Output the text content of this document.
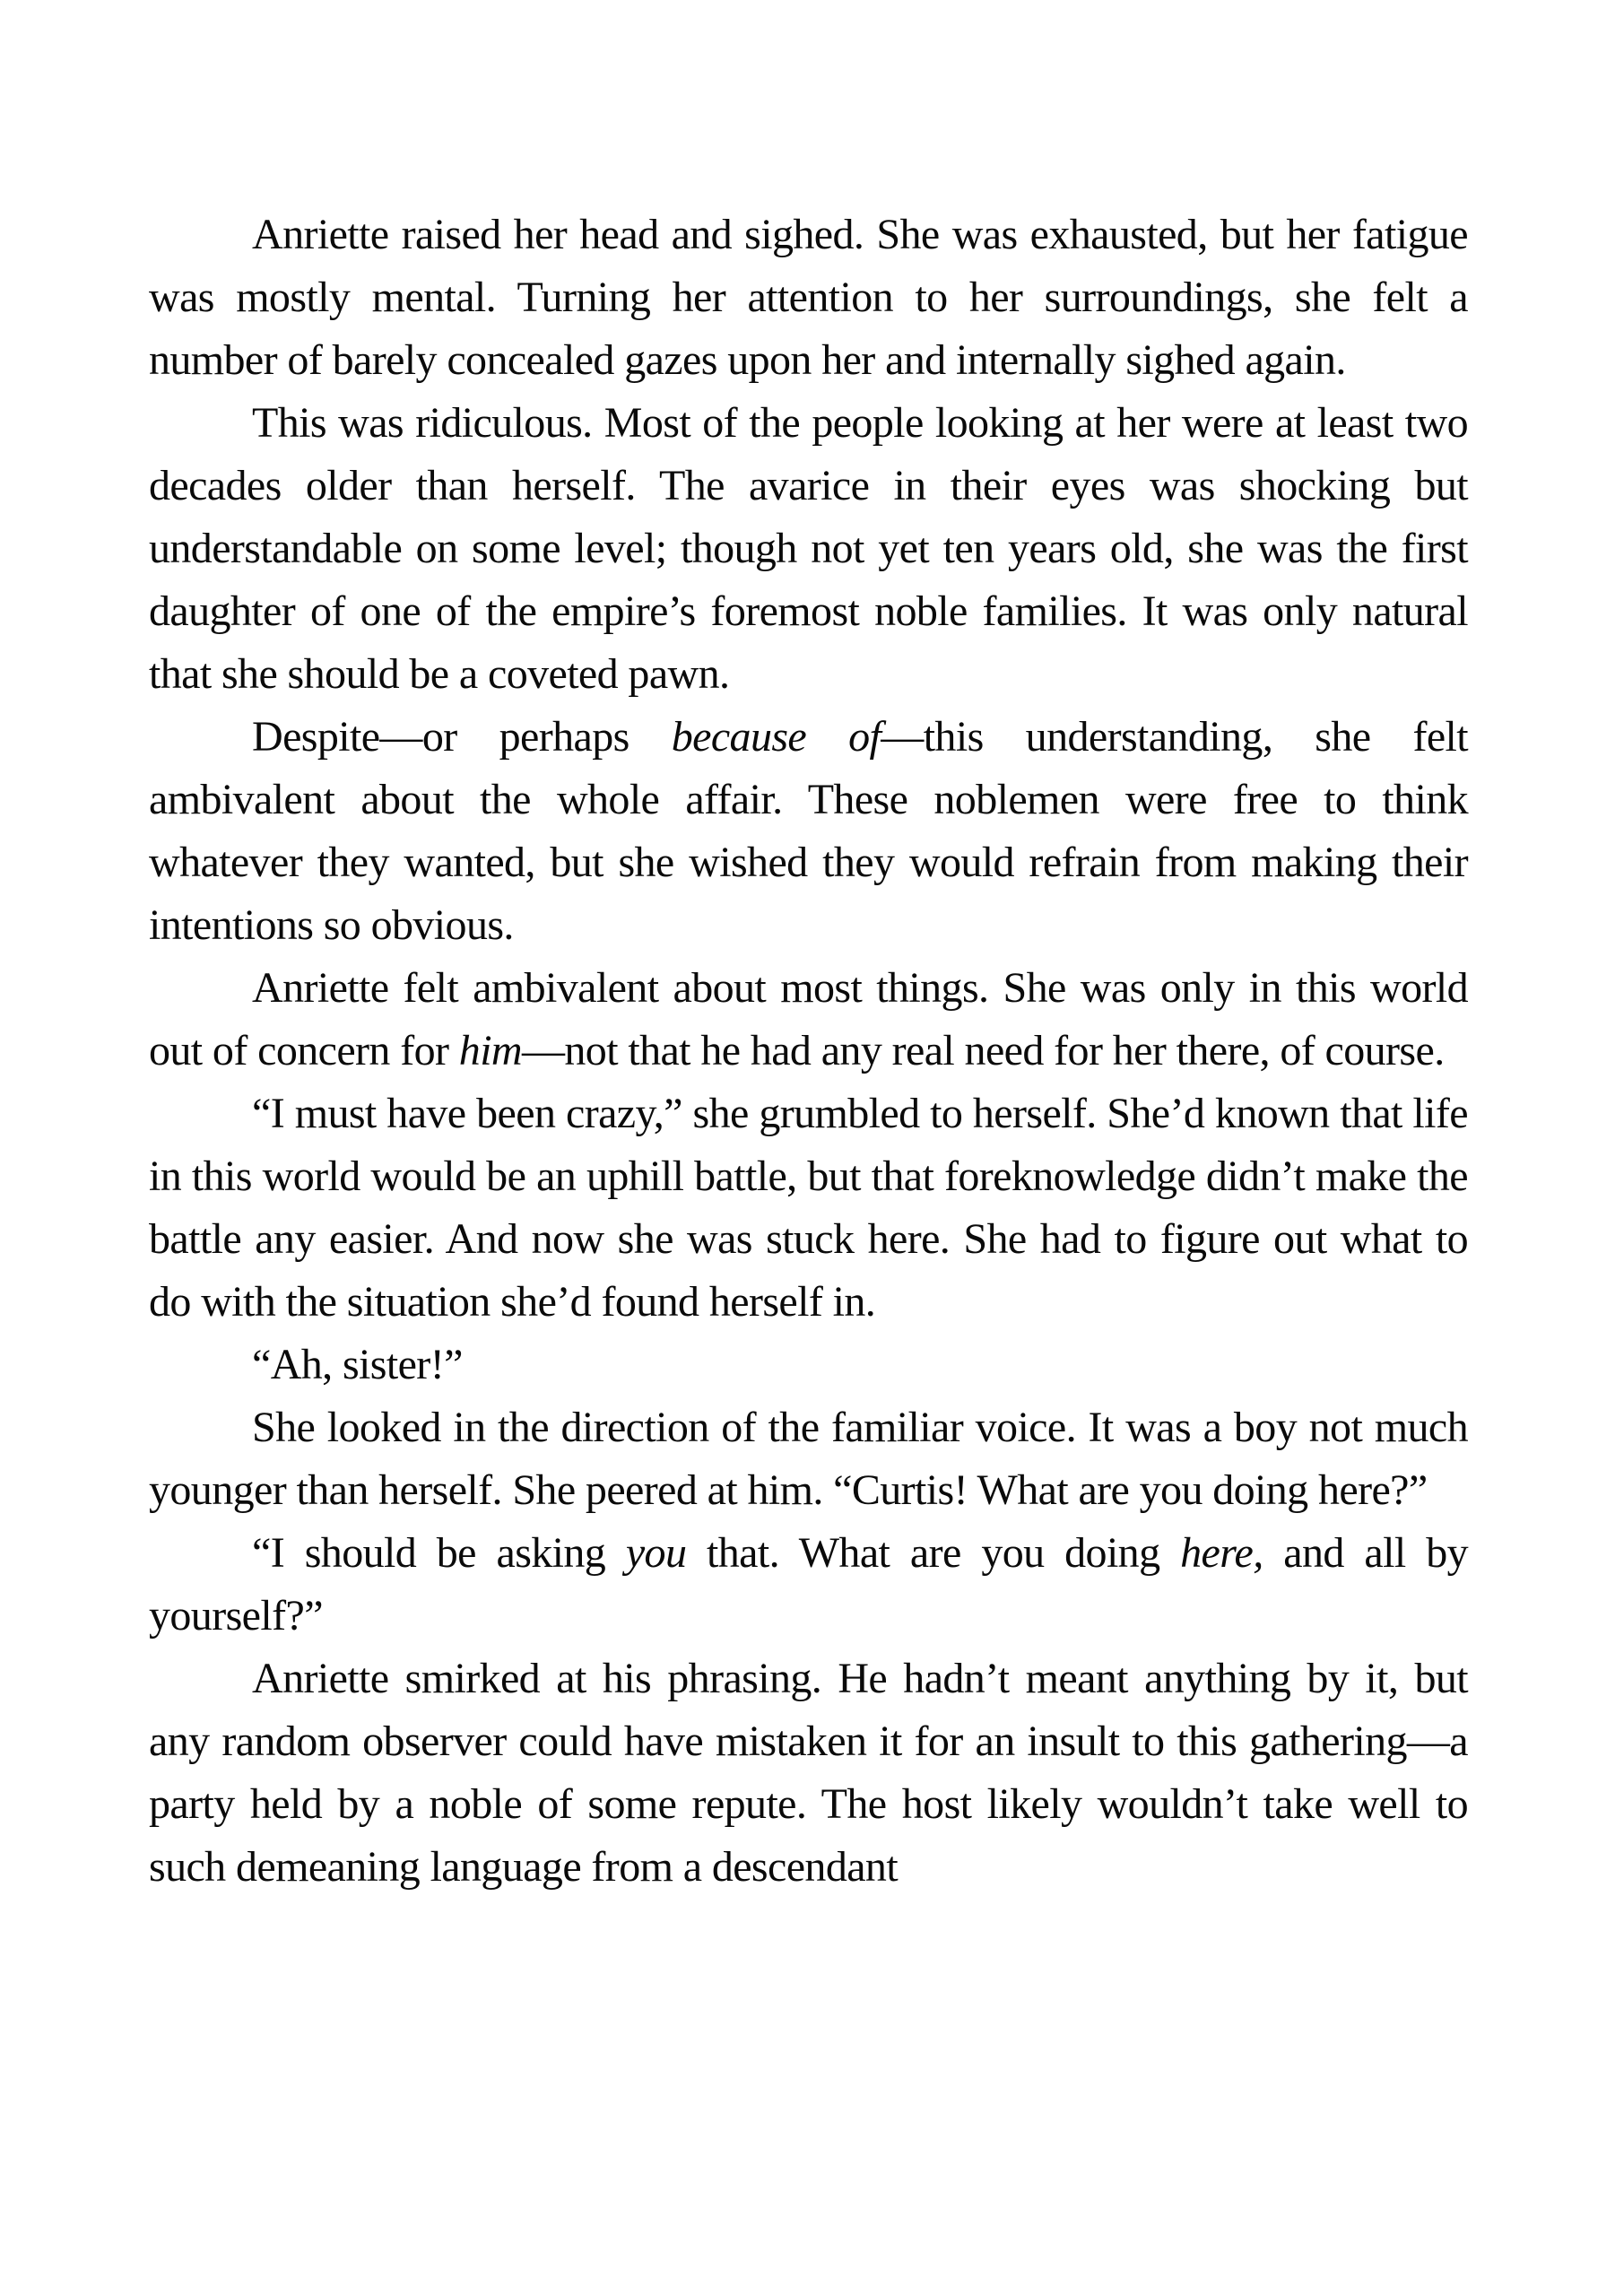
Anriette raised her head and sighed. She was exhausted, but her fatigue was mostly mental. Turning her attention to her surroundings, she felt a number of barely concealed gazes upon her and internally sighed again.

This was ridiculous. Most of the people looking at her were at least two decades older than herself. The avarice in their eyes was shocking but understandable on some level; though not yet ten years old, she was the first daughter of one of the empire’s foremost noble families. It was only natural that she should be a coveted pawn.

Despite—or perhaps because of—this understanding, she felt ambivalent about the whole affair. These noblemen were free to think whatever they wanted, but she wished they would refrain from making their intentions so obvious.

Anriette felt ambivalent about most things. She was only in this world out of concern for him—not that he had any real need for her there, of course.

“I must have been crazy,” she grumbled to herself. She’d known that life in this world would be an uphill battle, but that foreknowledge didn’t make the battle any easier. And now she was stuck here. She had to figure out what to do with the situation she’d found herself in.

“Ah, sister!”

She looked in the direction of the familiar voice. It was a boy not much younger than herself. She peered at him. “Curtis! What are you doing here?”

“I should be asking you that. What are you doing here, and all by yourself?”

Anriette smirked at his phrasing. He hadn’t meant anything by it, but any random observer could have mistaken it for an insult to this gathering—a party held by a noble of some repute. The host likely wouldn’t take well to such demeaning language from a descendant
